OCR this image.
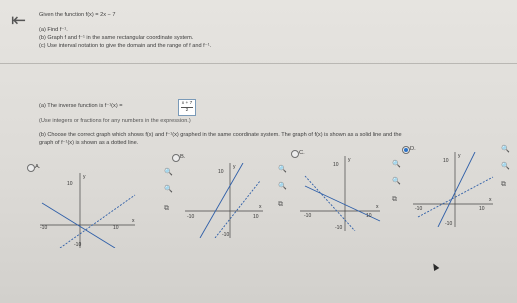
⇤ Given the function f(x) = 2x − 7
(a) Find f⁻¹.
(b) Graph f and f⁻¹ in the same rectangular coordinate system.
(c) Use interval notation to give the domain and the range of f and f⁻¹.
(a) The inverse function is f⁻¹(x) =	$\frac{x + 7}{2}$
(Use integers or fractions for any numbers in the expression.)
(b) Choose the correct graph which shows f(x) and f⁻¹(x) graphed in the same coordinate system. The graph of f(x) is shown as a solid line and the
graph of f⁻¹(x) is shown as a dotted line.
A.
y
x
10
-10	10
-10
B.
🔍
🔍
⧉
y
x
10
-10	10
-10
C.
🔍
🔍
⧉
y
x
10
-10	10
-10
D.
🔍
🔍
⧉
y
x
10
-10	10
-10
🔍
🔍
⧉
